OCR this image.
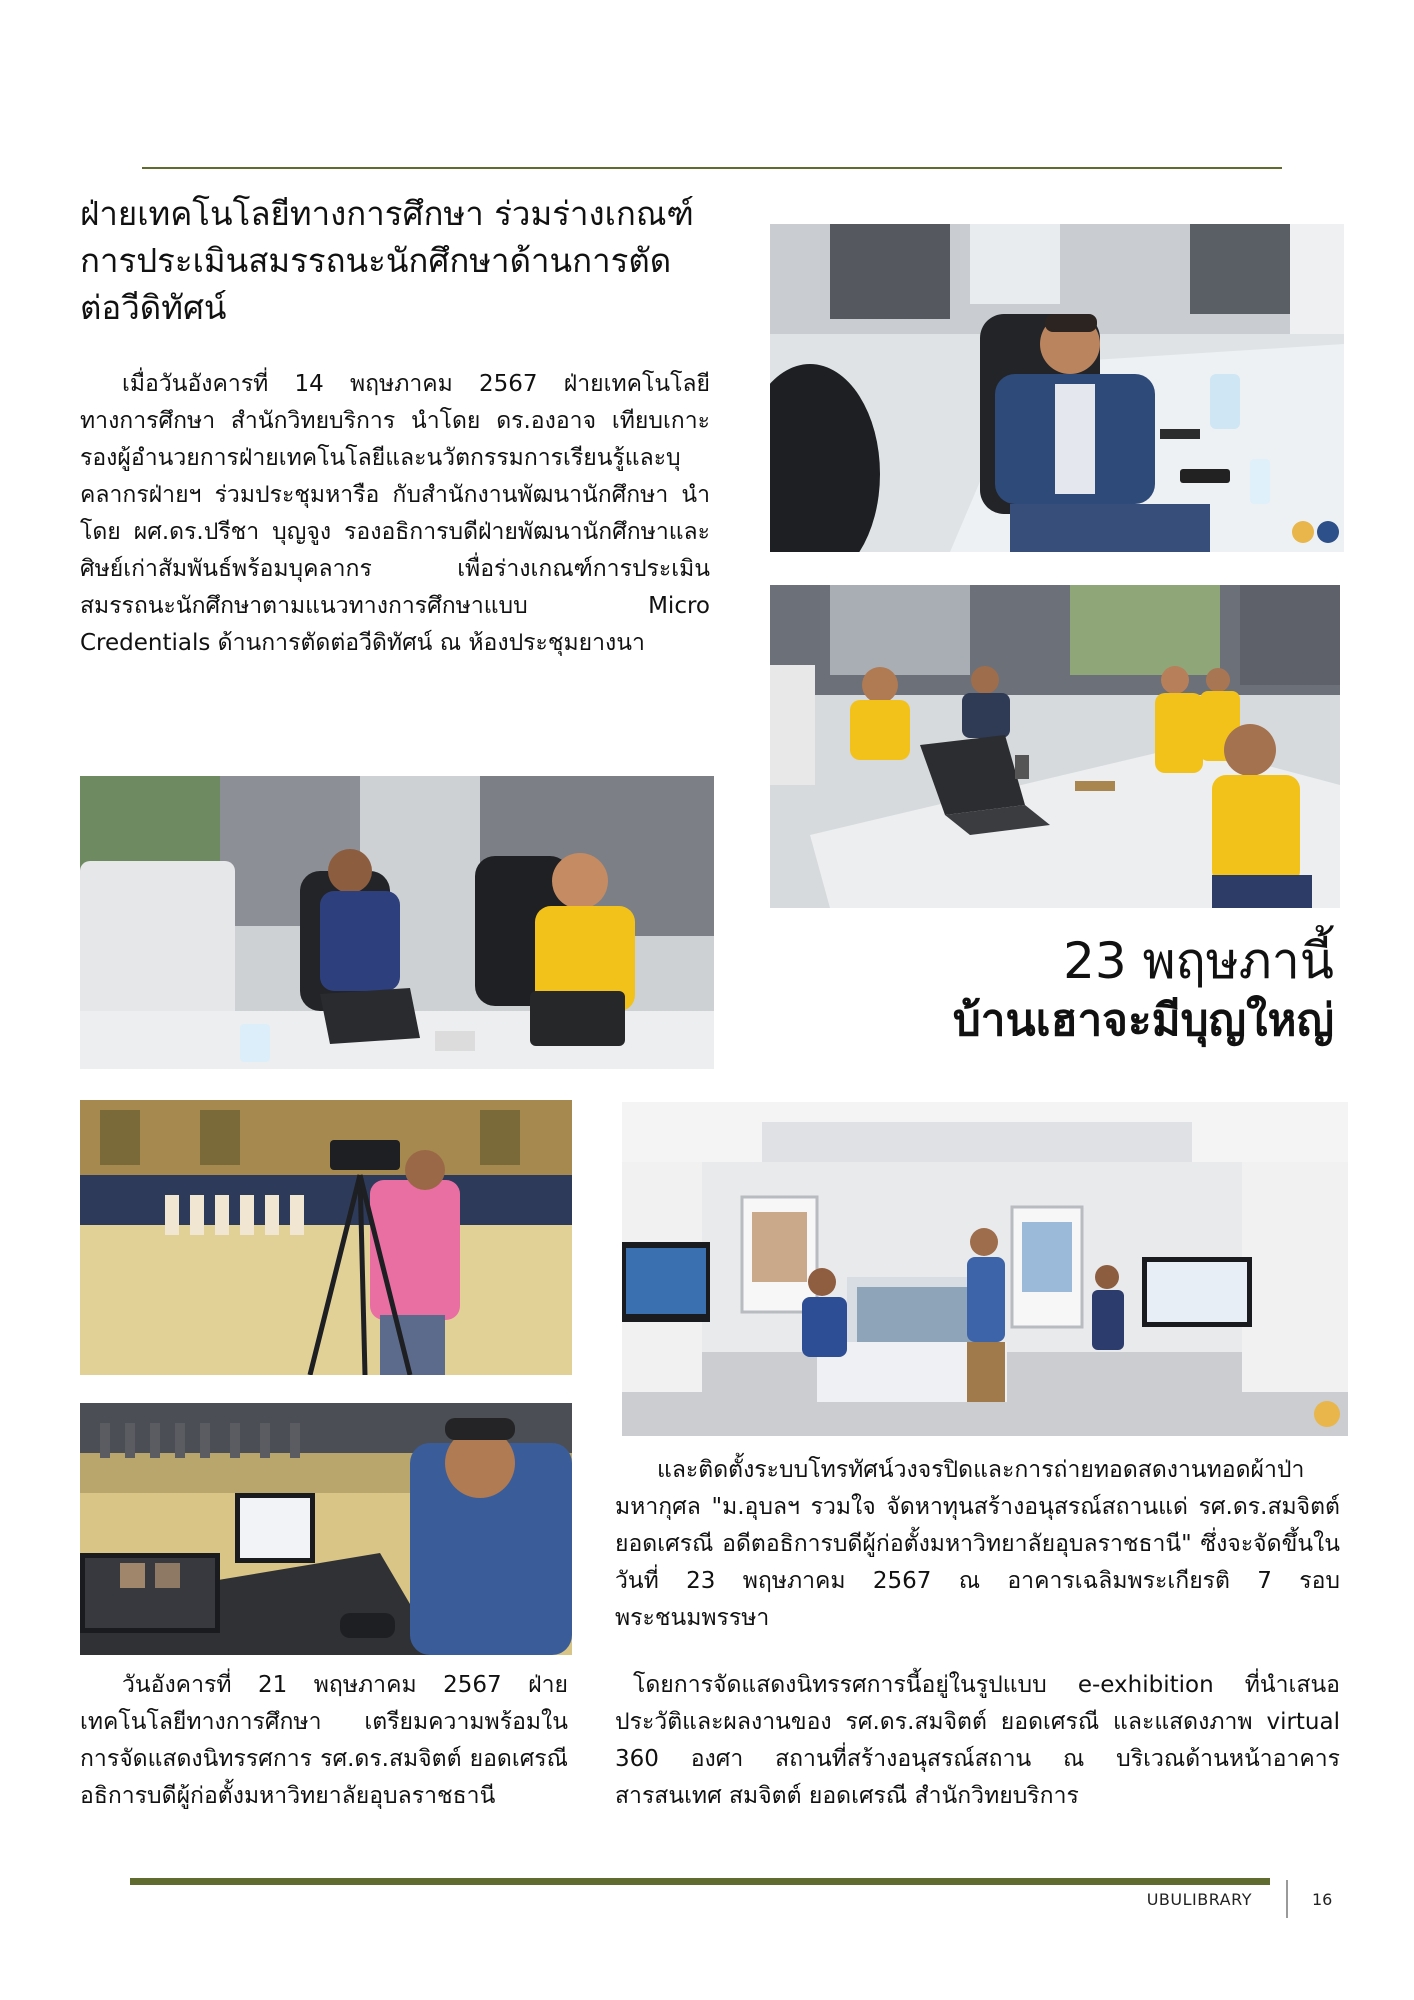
ฝ่ายเทคโนโลยีทางการศึกษา ร่วมร่างเกณฑ์การประเมินสมรรถนะนักศึกษาด้านการตัดต่อวีดิทัศน์

เมื่อวันอังคารที่ 14 พฤษภาคม 2567 ฝ่ายเทคโนโลยีทางการศึกษา สำนักวิทยบริการ นำโดย ดร.องอาจ เทียบเกาะ รองผู้อำนวยการฝ่ายเทคโนโลยีและนวัตกรรมการเรียนรู้และบุคลากรฝ่ายฯ ร่วมประชุมหารือ กับสำนักงานพัฒนานักศึกษา นำโดย ผศ.ดร.ปรีชา บุญจูง รองอธิการบดีฝ่ายพัฒนานักศึกษาและศิษย์เก่าสัมพันธ์พร้อมบุคลากร เพื่อร่างเกณฑ์การประเมินสมรรถนะนักศึกษาตามแนวทางการศึกษาแบบ Micro Credentials ด้านการตัดต่อวีดิทัศน์ ณ ห้องประชุมยางนา

23 พฤษภานี้
บ้านเฮาจะมีบุญใหญ่

และติดตั้งระบบโทรทัศน์วงจรปิดและการถ่ายทอดสดงานทอดผ้าป่ามหากุศล "ม.อุบลฯ รวมใจ จัดหาทุนสร้างอนุสรณ์สถานแด่ รศ.ดร.สมจิตต์ ยอดเศรณี อดีตอธิการบดีผู้ก่อตั้งมหาวิทยาลัยอุบลราชธานี" ซึ่งจะจัดขึ้นในวันที่ 23 พฤษภาคม 2567 ณ อาคารเฉลิมพระเกียรติ 7 รอบ พระชนมพรรษา

วันอังคารที่ 21 พฤษภาคม 2567 ฝ่ายเทคโนโลยีทางการศึกษา เตรียมความพร้อมในการจัดแสดงนิทรรศการ รศ.ดร.สมจิตต์ ยอดเศรณี อธิการบดีผู้ก่อตั้งมหาวิทยาลัยอุบลราชธานี

โดยการจัดแสดงนิทรรศการนี้อยู่ในรูปแบบ e-exhibition ที่นำเสนอประวัติและผลงานของ รศ.ดร.สมจิตต์ ยอดเศรณี และแสดงภาพ virtual 360 องศา สถานที่สร้างอนุสรณ์สถาน ณ บริเวณด้านหน้าอาคารสารสนเทศ สมจิตต์ ยอดเศรณี สำนักวิทยบริการ

UBULIBRARY	16
